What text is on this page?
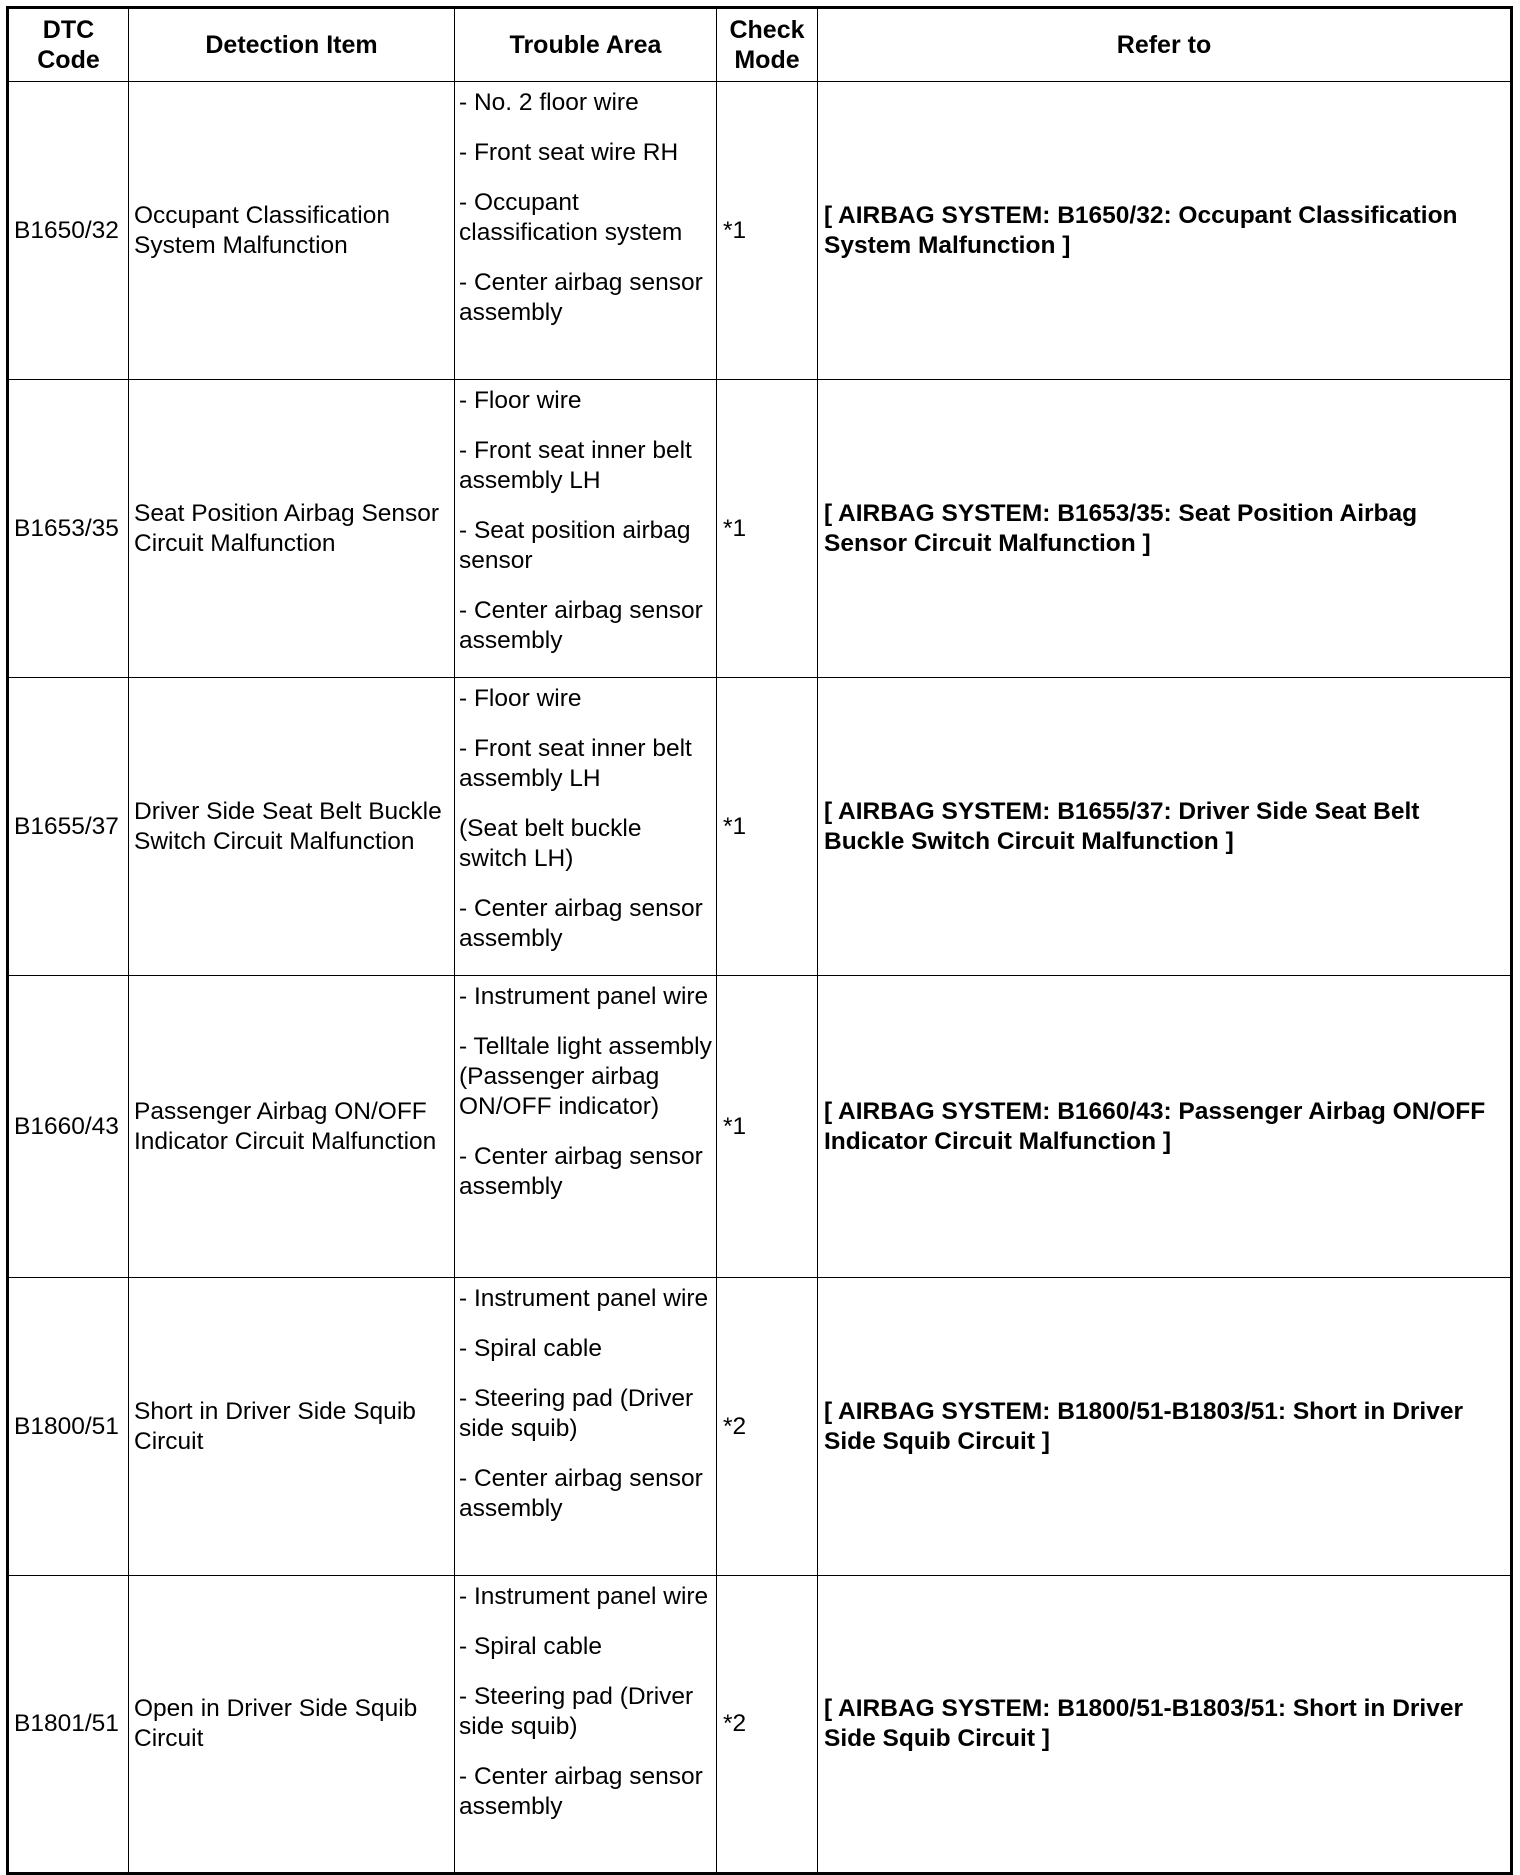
DTC Code	Detection Item	Trouble Area	Check Mode	Refer to
B1650/32	Occupant Classification System Malfunction	- No. 2 floor wire

- Front seat wire RH

- Occupant classification system

- Center airbag sensor assembly	*1	[ AIRBAG SYSTEM: B1650/32: Occupant Classification System Malfunction ]
B1653/35	Seat Position Airbag Sensor Circuit Malfunction	- Floor wire

- Front seat inner belt assembly LH

- Seat position airbag sensor

- Center airbag sensor assembly	*1	[ AIRBAG SYSTEM: B1653/35: Seat Position Airbag Sensor Circuit Malfunction ]
B1655/37	Driver Side Seat Belt Buckle Switch Circuit Malfunction	- Floor wire

- Front seat inner belt assembly LH

(Seat belt buckle switch LH)

- Center airbag sensor assembly	*1	[ AIRBAG SYSTEM: B1655/37: Driver Side Seat Belt Buckle Switch Circuit Malfunction ]
B1660/43	Passenger Airbag ON/OFF Indicator Circuit Malfunction	- Instrument panel wire

- Telltale light assembly (Passenger airbag ON/OFF indicator)

- Center airbag sensor assembly	*1	[ AIRBAG SYSTEM: B1660/43: Passenger Airbag ON/OFF Indicator Circuit Malfunction ]
B1800/51	Short in Driver Side Squib Circuit	- Instrument panel wire

- Spiral cable

- Steering pad (Driver side squib)

- Center airbag sensor assembly	*2	[ AIRBAG SYSTEM: B1800/51-B1803/51: Short in Driver Side Squib Circuit ]
B1801/51	Open in Driver Side Squib Circuit	- Instrument panel wire

- Spiral cable

- Steering pad (Driver side squib)

- Center airbag sensor assembly	*2	[ AIRBAG SYSTEM: B1800/51-B1803/51: Short in Driver Side Squib Circuit ]
